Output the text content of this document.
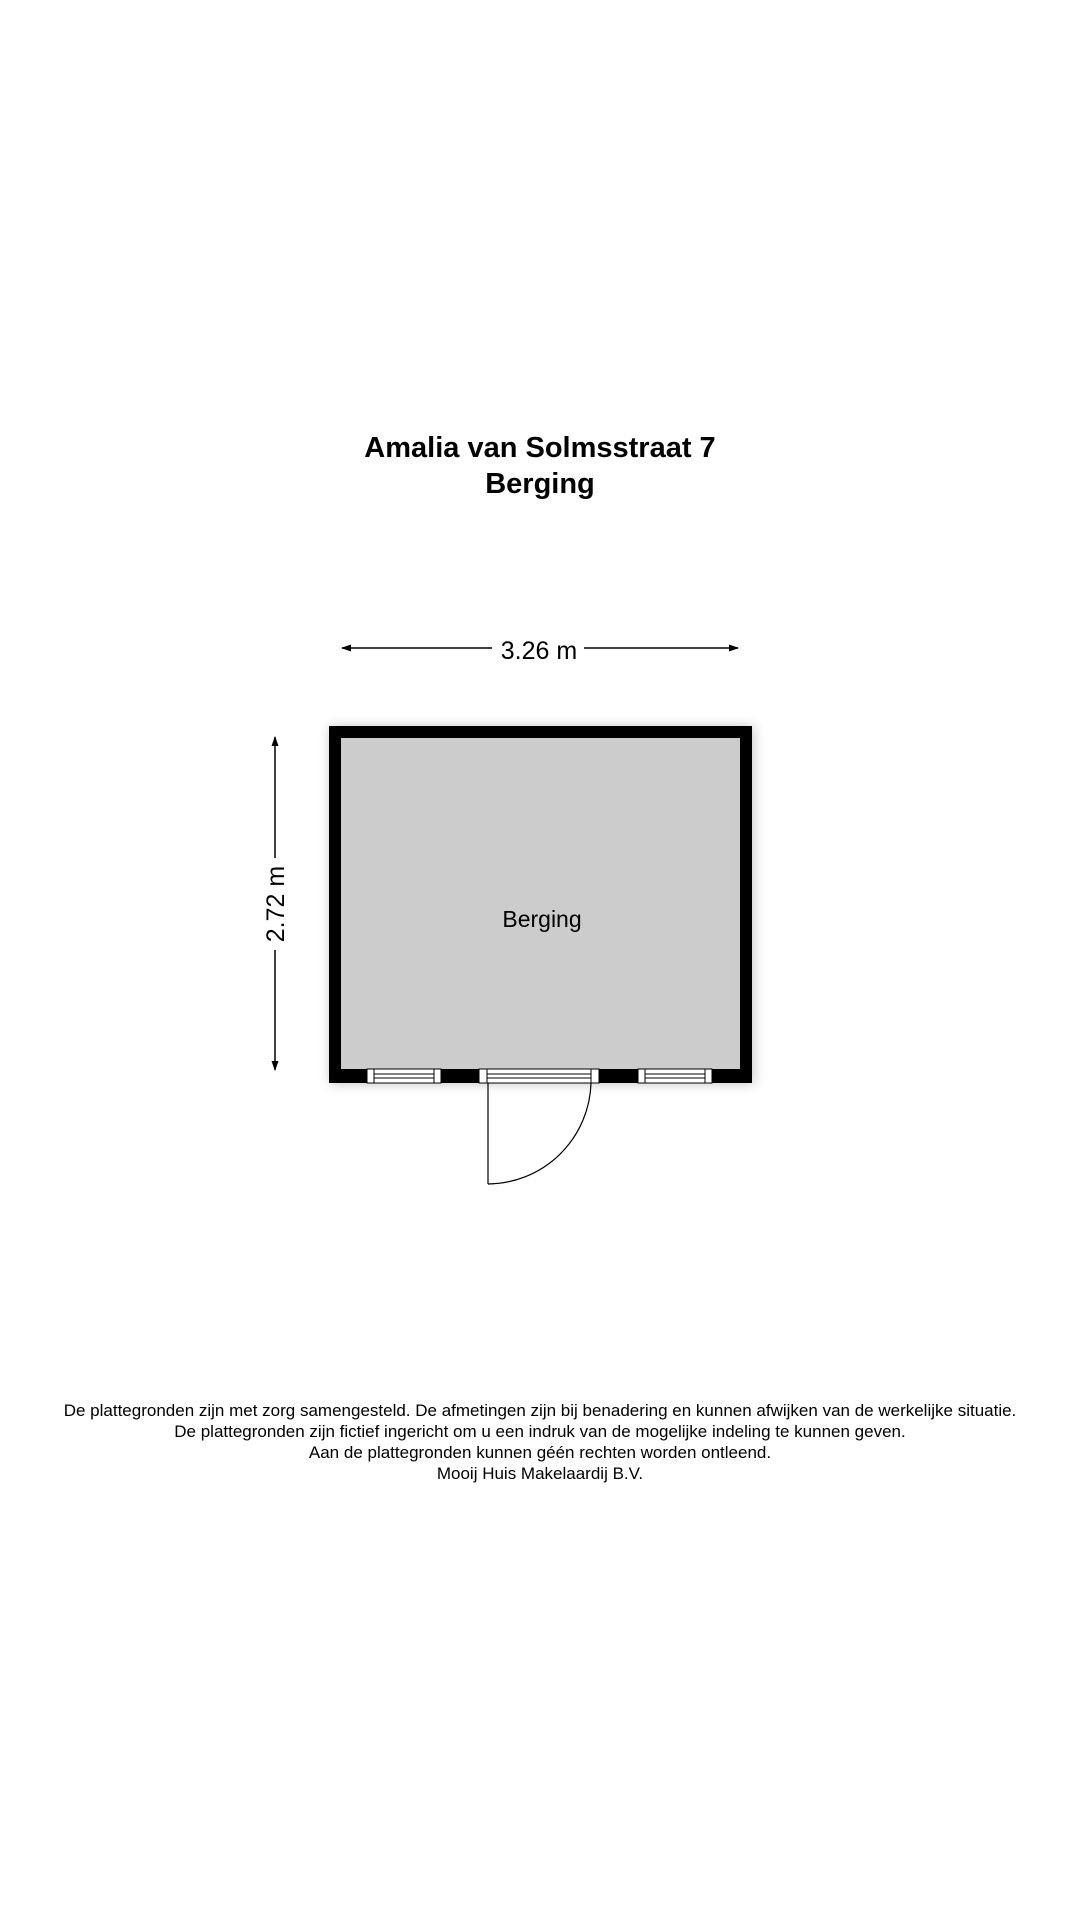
Amalia van Solmsstraat 7
Berging
3.26 m
2.72 m	Berging
De plattegronden zijn met zorg samengesteld. De afmetingen zijn bij benadering en kunnen afwijken van de werkelijke situatie.
De plattegronden zijn fictief ingericht om u een indruk van de mogelijke indeling te kunnen geven.
Aan de plattegronden kunnen géén rechten worden ontleend.
Mooij Huis Makelaardij B.V.
